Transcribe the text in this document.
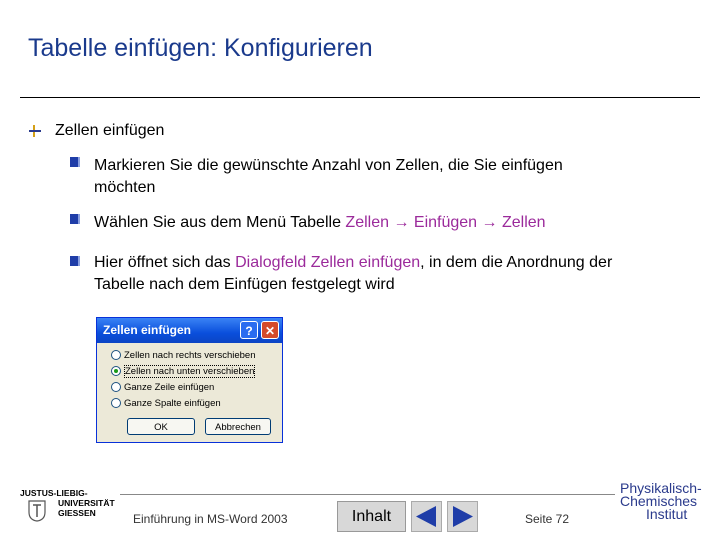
Tabelle einfügen: Konfigurieren
Zellen einfügen
Markieren Sie die gewünschte Anzahl von Zellen, die Sie einfügen
möchten
Wählen Sie aus dem Menü Tabelle Zellen → Einfügen → Zellen
Hier öffnet sich das Dialogfeld Zellen einfügen, in dem die Anordnung der
Tabelle nach dem Einfügen festgelegt wird
Zellen einfügen	?	✕
Zellen nach rechts verschieben
Zellen nach unten verschieben
Ganze Zeile einfügen
Ganze Spalte einfügen
OK	Abbrechen
JUSTUS-LIEBIG-
UNIVERSITÄT
GIESSEN	Einführung in MS-Word 2003	Inhalt	Seite 72
Physikalisch-
Chemisches
Institut
